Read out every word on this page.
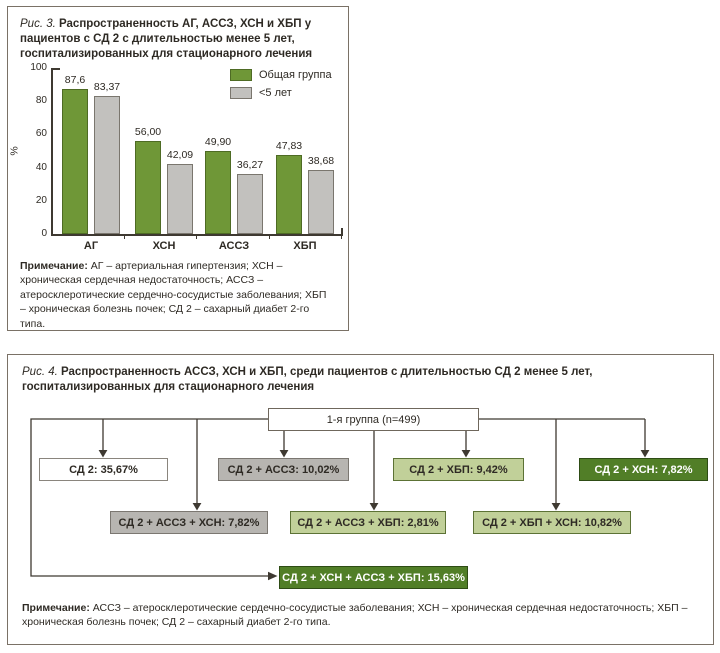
Рис. 3. Распространенность АГ, АССЗ, ХСН и ХБП у пациентов с СД 2 с длительностью менее 5 лет, госпитализированных для стационарного лечения
0
20
40
60
80
100
87,6
56,00
49,90	47,83
83,37
42,09
36,27	38,68
АГ	ХСН	АССЗ	ХБП
%
Общая группа
<5 лет
Примечание: АГ – артериальная гипертензия; ХСН – хроническая сердечная недостаточность; АССЗ – атеросклеротические сердечно-сосудистые заболевания; ХБП – хроническая болезнь почек; СД 2 – сахарный диабет 2-го типа.
Рис. 4. Распространенность АССЗ, ХСН и ХБП, среди пациентов с длительностью СД 2 менее 5 лет, госпитализированных для стационарного лечения
1-я группа (n=499)
СД 2: 35,67%	СД 2 + АССЗ: 10,02%	СД 2 + ХБП: 9,42%	СД 2 + ХСН: 7,82%
СД 2 + АССЗ + ХСН: 7,82%	СД 2 + АССЗ + ХБП: 2,81%	СД 2 + ХБП + ХСН: 10,82%
СД 2 + ХСН + АССЗ + ХБП: 15,63%
Примечание: АССЗ – атеросклеротические сердечно-сосудистые заболевания; ХСН – хроническая сердечная недостаточность; ХБП – хроническая болезнь почек; СД 2 – сахарный диабет 2-го типа.
